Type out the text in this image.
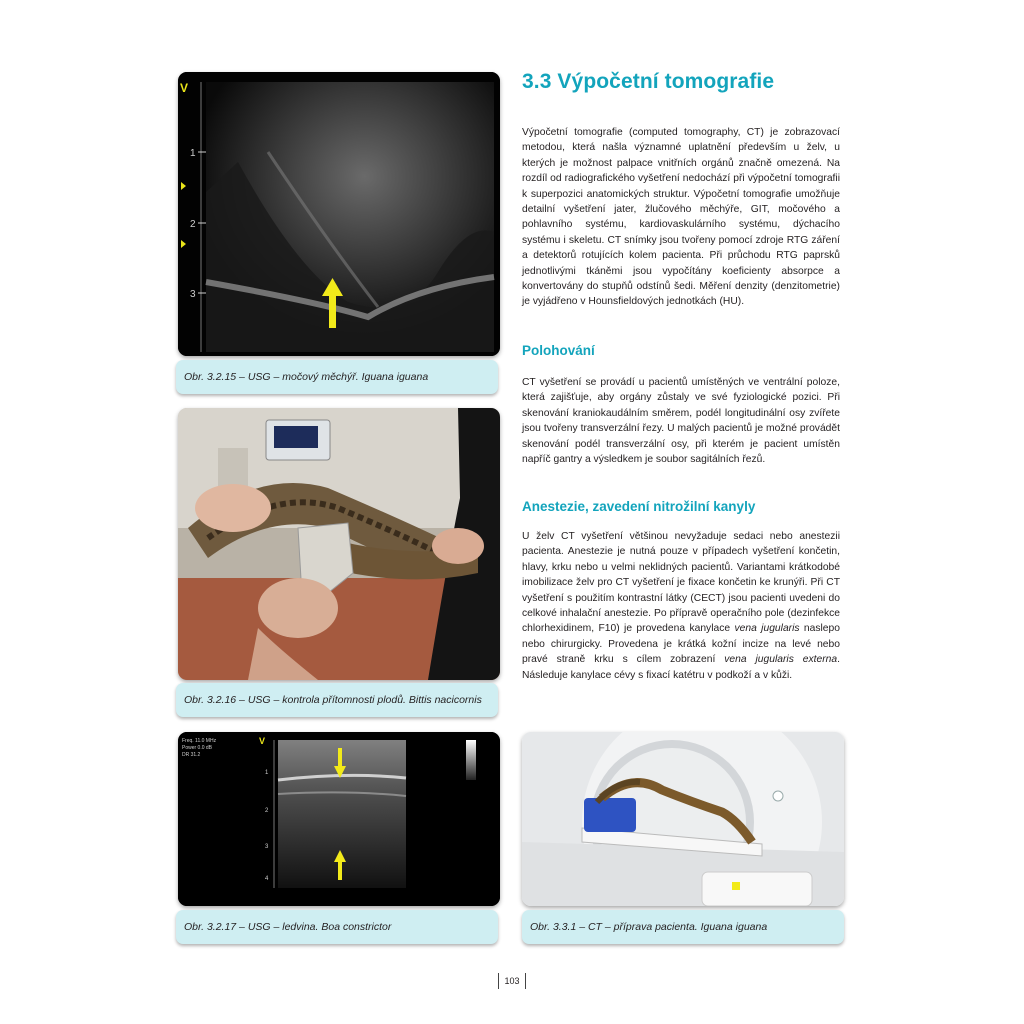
V
1
2
3
Obr. 3.2.15 – USG – močový měchýř. Iguana iguana
Obr. 3.2.16 – USG – kontrola přítomnosti plodů. Bittis nacicornis
Freq. 11.0 MHz
Power 0.0 dB
DR 31.2
V
1
2
3
4
Obr. 3.2.17 – USG – ledvina. Boa constrictor	Obr. 3.3.1 – CT – příprava pacienta. Iguana iguana
3.3 Výpočetní tomografie

Výpočetní tomografie (computed tomography, CT) je zobrazovací metodou, která našla významné uplatnění především u želv, u kterých je možnost palpace vnitřních orgánů značně omezená. Na rozdíl od radiografického vyšetření nedochází při výpočetní tomografii k superpozici anatomických struktur. Výpočetní tomografie umožňuje detailní vyšetření jater, žlučového měchýře, GIT, močového a pohlavního systému, kardiovaskulárního systému, dýchacího systému i skeletu. CT snímky jsou tvořeny pomocí zdroje RTG záření a detektorů rotujících kolem pacienta. Při průchodu RTG paprsků jednotlivými tkáněmi jsou vypočítány koeficienty absorpce a konvertovány do stupňů odstínů šedi. Měření denzity (denzitometrie) je vyjádřeno v Hounsfieldových jednotkách (HU).

Polohování

CT vyšetření se provádí u pacientů umístěných ve ventrální poloze, která zajišťuje, aby orgány zůstaly ve své fyziologické pozici. Při skenování kraniokaudálním směrem, podél longitudinální osy zvířete jsou tvořeny transverzální řezy. U malých pacientů je možné provádět skenování podél transverzální osy, při kterém je pacient umístěn napříč gantry a výsledkem je soubor sagitálních řezů.

Anestezie, zavedení nitrožilní kanyly

U želv CT vyšetření většinou nevyžaduje sedaci nebo anestezii pacienta. Anestezie je nutná pouze v případech vyšetření končetin, hlavy, krku nebo u velmi neklidných pacientů. Variantami krátkodobé imobilizace želv pro CT vyšetření je fixace končetin ke krunýři. Při CT vyšetření s použitím kontrastní látky (CECT) jsou pacienti uvedeni do celkové inhalační anestezie. Po přípravě operačního pole (dezinfekce chlorhexidinem, F10) je provedena kanylace vena jugularis naslepo nebo chirurgicky. Provedena je krátká kožní incize na levé nebo pravé straně krku s cílem zobrazení vena jugularis externa. Následuje kanylace cévy s fixací katétru v podkoží a v kůži.

103
